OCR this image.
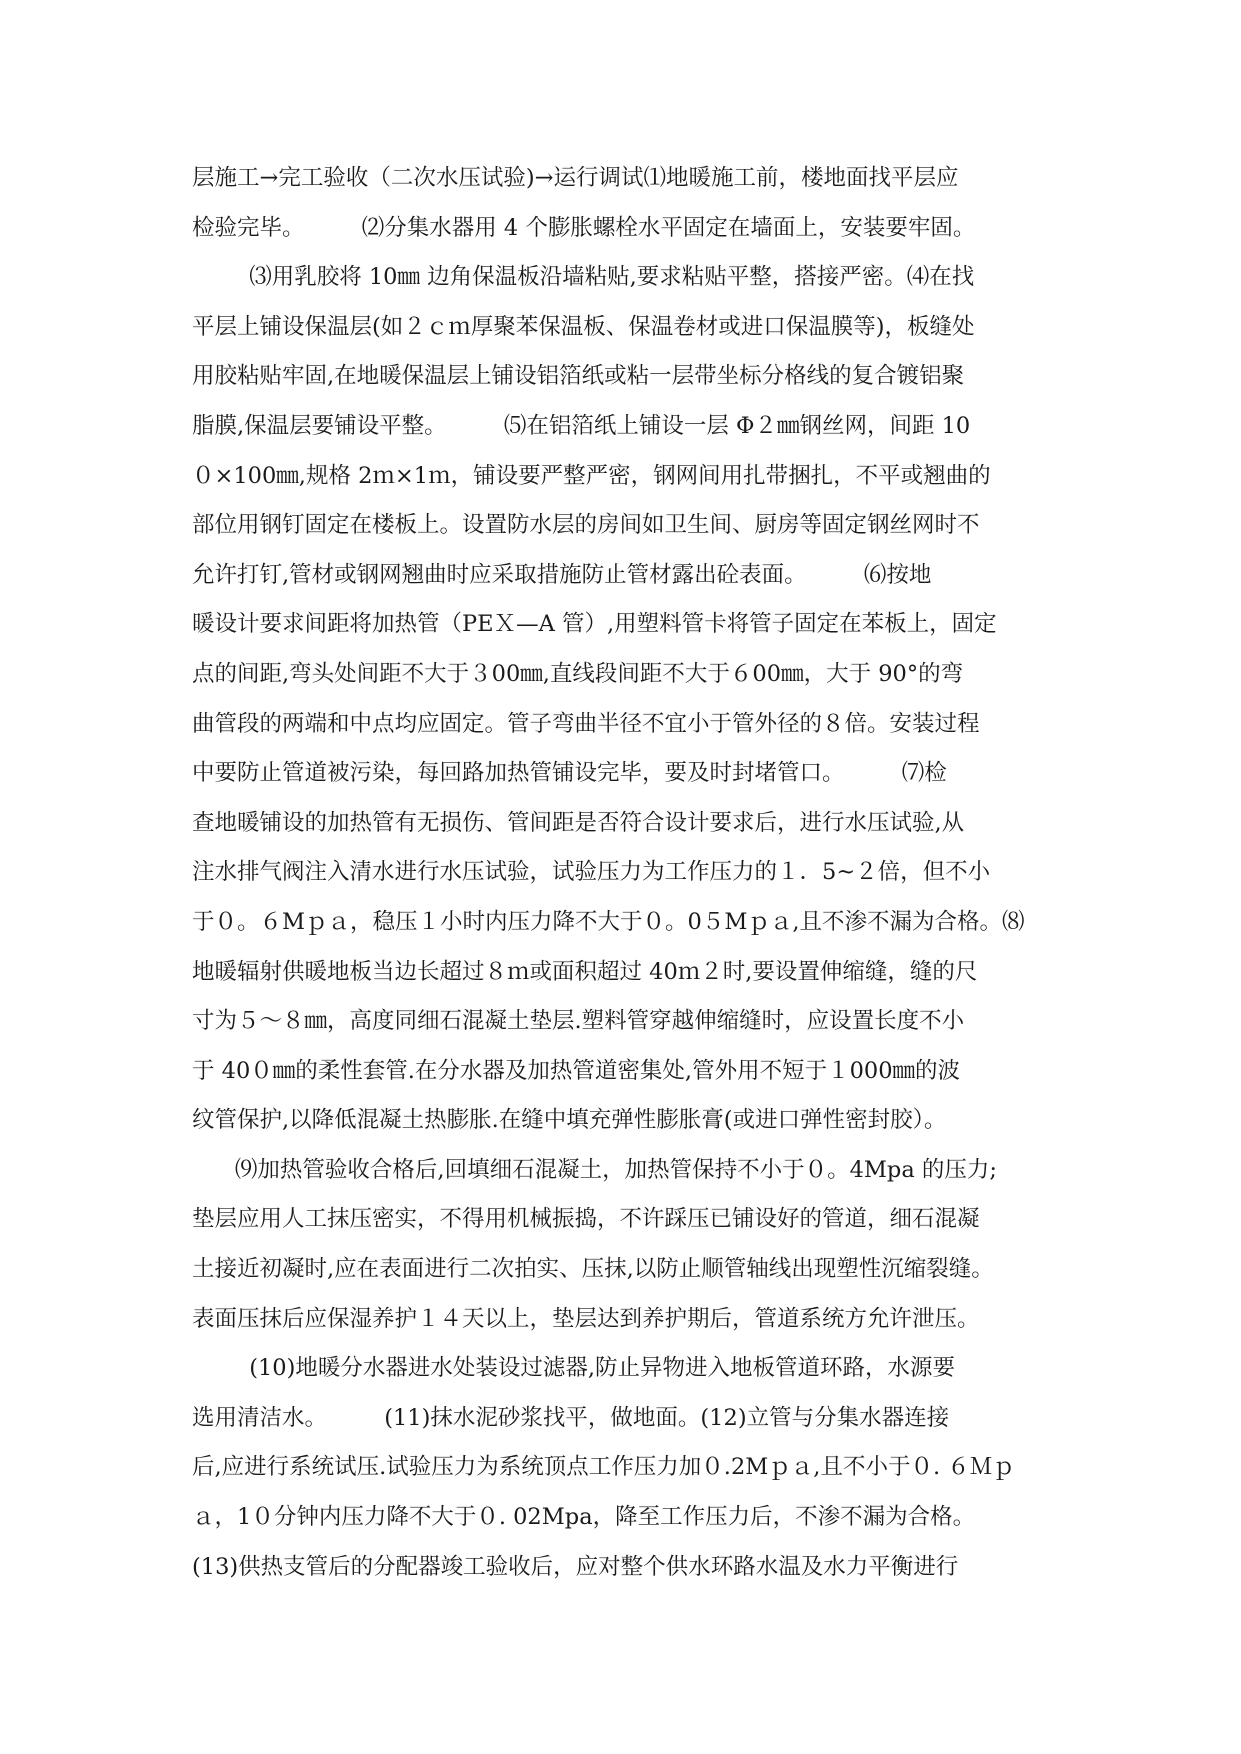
层施工→完工验收（二次水压试验)→运行调试⑴地暖施工前，楼地面找平层应
检验完毕。        ⑵分集水器用 4 个膨胀螺栓水平固定在墙面上，安装要牢固。
⑶用乳胶将 10㎜ 边角保温板沿墙粘贴,要求粘贴平整，搭接严密。⑷在找
平层上铺设保温层(如２ｃｍ厚聚苯保温板、保温卷材或进口保温膜等)，板缝处
用胶粘贴牢固,在地暖保温层上铺设铝箔纸或粘一层带坐标分格线的复合镀铝聚
脂膜,保温层要铺设平整。        ⑸在铝箔纸上铺设一层 Φ２㎜钢丝网，间距 10
０×100㎜,规格 2ｍ×1ｍ，铺设要严整严密，钢网间用扎带捆扎，不平或翘曲的
部位用钢钉固定在楼板上。设置防水层的房间如卫生间、厨房等固定钢丝网时不
允许打钉,管材或钢网翘曲时应采取措施防止管材露出砼表面。        ⑹按地
暖设计要求间距将加热管（PEＸ—A 管）,用塑料管卡将管子固定在苯板上，固定
点的间距,弯头处间距不大于３00㎜,直线段间距不大于６00㎜，大于 90°的弯
曲管段的两端和中点均应固定。管子弯曲半径不宜小于管外径的８倍。安装过程
中要防止管道被污染，每回路加热管铺设完毕，要及时封堵管口。        ⑺检
查地暖铺设的加热管有无损伤、管间距是否符合设计要求后，进行水压试验,从
注水排气阀注入清水进行水压试验，试验压力为工作压力的１．5~２倍，但不小
于０。６Mｐａ，稳压１小时内压力降不大于０。0５Mｐａ,且不渗不漏为合格。⑻
地暖辐射供暖地板当边长超过８ｍ或面积超过 40ｍ２时,要设置伸缩缝，缝的尺
寸为５～８㎜，高度同细石混凝土垫层.塑料管穿越伸缩缝时，应设置长度不小
于 40０㎜的柔性套管.在分水器及加热管道密集处,管外用不短于１000㎜的波
纹管保护,以降低混凝土热膨胀.在缝中填充弹性膨胀膏(或进口弹性密封胶）。
⑼加热管验收合格后,回填细石混凝土，加热管保持不小于０。4Mpa 的压力;
垫层应用人工抹压密实，不得用机械振捣，不许踩压已铺设好的管道，细石混凝
土接近初凝时,应在表面进行二次拍实、压抹,以防止顺管轴线出现塑性沉缩裂缝。
表面压抹后应保湿养护１４天以上，垫层达到养护期后，管道系统方允许泄压。
(10)地暖分水器进水处装设过滤器,防止异物进入地板管道环路，水源要
选用清洁水。        (11)抹水泥砂浆找平，做地面。(12)立管与分集水器连接
后,应进行系统试压.试验压力为系统顶点工作压力加０.2Mｐａ,且不小于０. ６Ｍｐ
ａ，1０分钟内压力降不大于０. 02Mpa，降至工作压力后，不渗不漏为合格。
(13)供热支管后的分配器竣工验收后，应对整个供水环路水温及水力平衡进行
